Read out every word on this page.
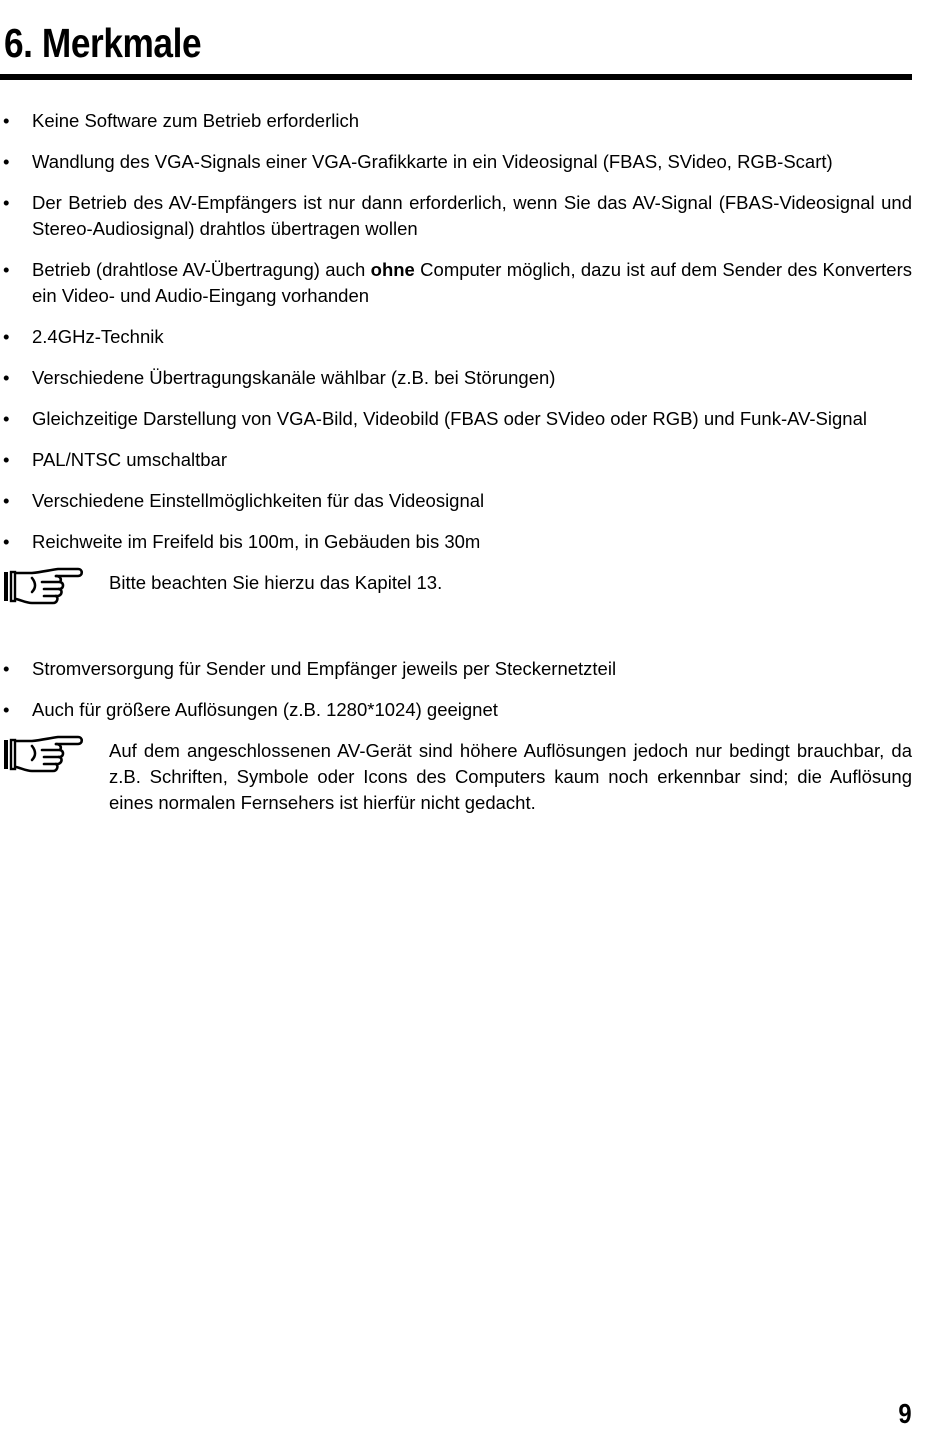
6. Merkmale
• Keine Software zum Betrieb erforderlich
• Wandlung des VGA-Signals einer VGA-Grafikkarte in ein Videosignal (FBAS, SVideo, RGB-Scart)
• Der Betrieb des AV-Empfängers ist nur dann erforderlich, wenn Sie das AV-Signal (FBAS-Videosignal und Stereo-Audiosignal) drahtlos übertragen wollen
• Betrieb (drahtlose AV-Übertragung) auch ohne Computer möglich, dazu ist auf dem Sender des Konverters ein Video- und Audio-Eingang vorhanden
• 2.4GHz-Technik
• Verschiedene Übertragungskanäle wählbar (z.B. bei Störungen)
• Gleichzeitige Darstellung von VGA-Bild, Videobild (FBAS oder SVideo oder RGB) und Funk-AV-Signal
• PAL/NTSC umschaltbar
• Verschiedene Einstellmöglichkeiten für das Videosignal
• Reichweite im Freifeld bis 100m, in Gebäuden bis 30m
Bitte beachten Sie hierzu das Kapitel 13.
• Stromversorgung für Sender und Empfänger jeweils per Steckernetzteil
• Auch für größere Auflösungen (z.B. 1280*1024) geeignet
Auf dem angeschlossenen AV-Gerät sind höhere Auflösungen jedoch nur bedingt brauchbar, da z.B. Schriften, Symbole oder Icons des Computers kaum noch erkennbar sind; die Auflösung eines normalen Fernsehers ist hierfür nicht gedacht.
9
